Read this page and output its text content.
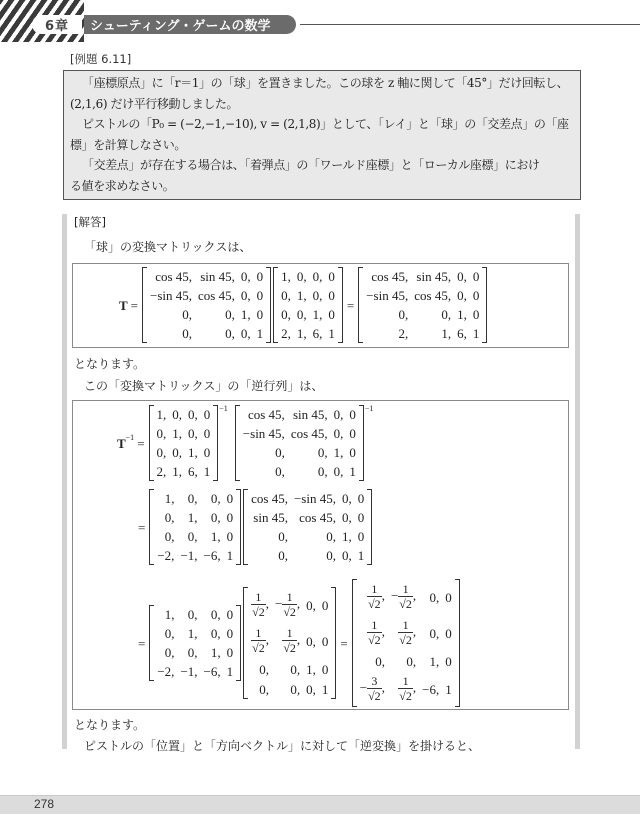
6章	シューティング・ゲームの数学
[例題 6.11]

「座標原点」に「r＝1」の「球」を置きました。この球を z 軸に関して「45°」だけ回転し、

(2,1,6) だけ平行移動しました。

ピストルの「P₀ = (−2,−1,−10), v = (2,1,8)」として、「レイ」と「球」の「交差点」の「座

標」を計算しなさい。

「交差点」が存在する場合は、「着弾点」の「ワールド座標」と「ローカル座標」におけ

る値を求めなさい。

[解答]
「球」の変換マトリックスは、
T =
cos 45,	sin 45,	0,	0
−sin 45,	cos 45,	0,	0
0,	0,	1,	0
0,	0,	0,	1
1,	0,	0,	0
0,	1,	0,	0
0,	0,	1,	0
2,	1,	6,	1
=
cos 45,	sin 45,	0,	0
−sin 45,	cos 45,	0,	0
0,	0,	1,	0
2,	1,	6,	1
となります。
この「変換マトリックス」の「逆行列」は、
T −1 =
1,	0,	0,	0
0,	1,	0,	0
0,	0,	1,	0
2,	1,	6,	1
−1 cos 45,	sin 45,	0,	0
−sin 45,	cos 45,	0,	0
0,	0,	1,	0
0,	0,	0,	1
−1
=
1,	0,	0,	0
0,	1,	0,	0
0,	0,	1,	0
−2,	−1,	−6,	1
cos 45,	−sin 45,	0,	0
sin 45,	cos 45,	0,	0
0,	0,	1,	0
0,	0,	0,	1
=
1,	0,	0,	0
0,	1,	0,	0
0,	0,	1,	0
−2,	−1,	−6,	1
$\frac{1}{√2}$ ,	− $\frac{1}{√2}$ ,	0,	0

$\frac{1}{√2}$ ,	$\frac{1}{√2}$ ,	0,	0
0,	0,	1,	0
0,	0,	0,	1
=
$\frac{1}{√2}$ ,	− $\frac{1}{√2}$ ,	0,	0

$\frac{1}{√2}$ ,	$\frac{1}{√2}$ ,	0,	0
0,	0,	1,	0
− $\frac{3}{√2}$ ,	$\frac{1}{√2}$ ,	−6,	1
となります。
ピストルの「位置」と「方向ベクトル」に対して「逆変換」を掛けると、
278
